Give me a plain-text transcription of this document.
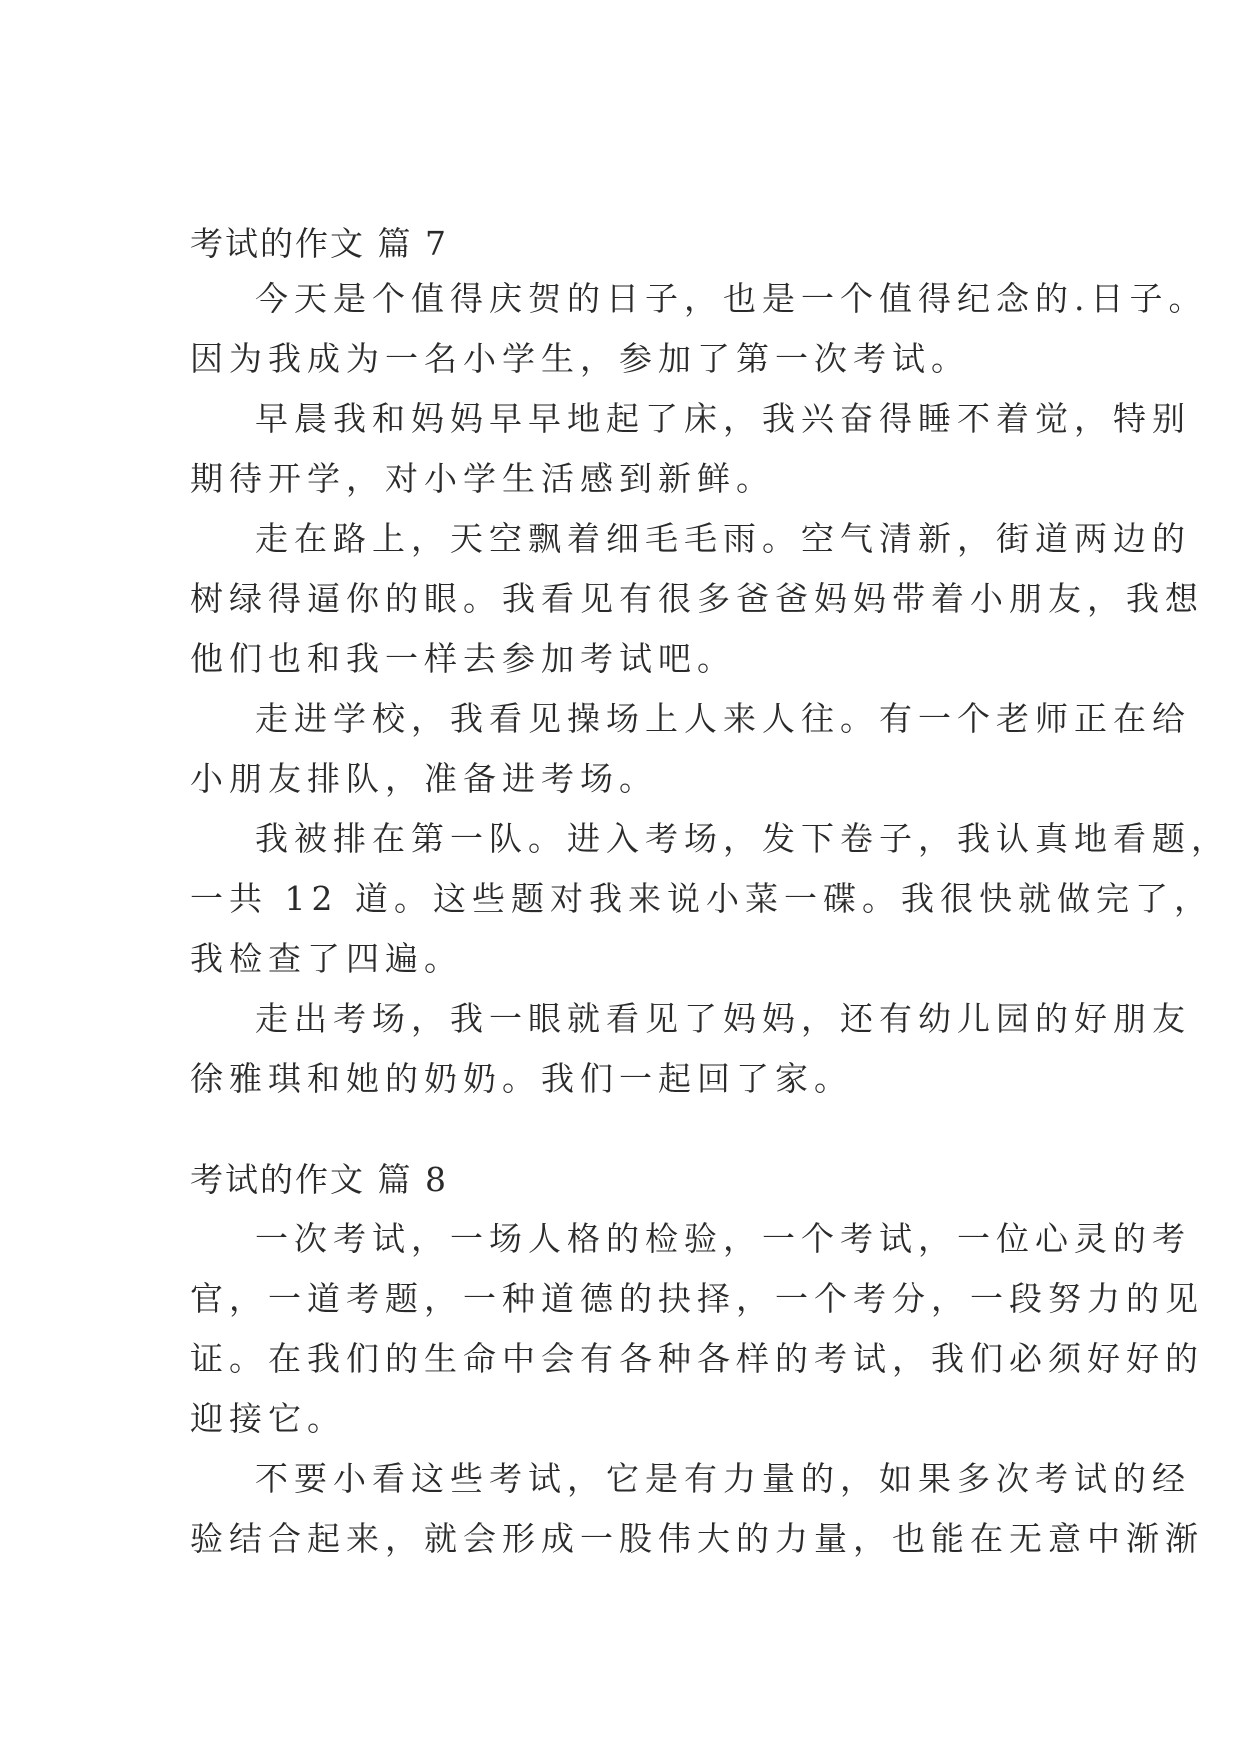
考试的作文 篇 7
今天是个值得庆贺的日子，也是一个值得纪念的.日子。
因为我成为一名小学生，参加了第一次考试。
早晨我和妈妈早早地起了床，我兴奋得睡不着觉，特别
期待开学，对小学生活感到新鲜。
走在路上，天空飘着细毛毛雨。空气清新，街道两边的
树绿得逼你的眼。我看见有很多爸爸妈妈带着小朋友，我想
他们也和我一样去参加考试吧。
走进学校，我看见操场上人来人往。有一个老师正在给
小朋友排队，准备进考场。
我被排在第一队。进入考场，发下卷子，我认真地看题，
一共 12 道。这些题对我来说小菜一碟。我很快就做完了，
我检查了四遍。
走出考场，我一眼就看见了妈妈，还有幼儿园的好朋友
徐雅琪和她的奶奶。我们一起回了家。
考试的作文 篇 8
一次考试，一场人格的检验，一个考试，一位心灵的考
官，一道考题，一种道德的抉择，一个考分，一段努力的见
证。在我们的生命中会有各种各样的考试，我们必须好好的
迎接它。
不要小看这些考试，它是有力量的，如果多次考试的经
验结合起来，就会形成一股伟大的力量，也能在无意中渐渐
